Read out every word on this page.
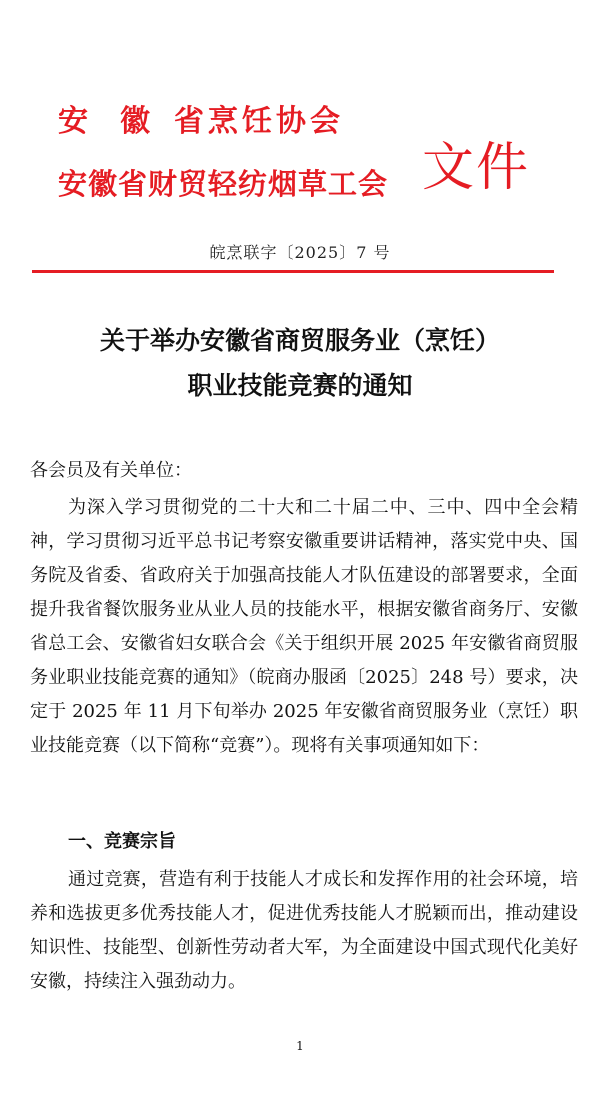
安 徽 省烹饪协会
安徽省财贸轻纺烟草工会 文件
皖烹联字〔2025〕7 号
关于举办安徽省商贸服务业（烹饪）
职业技能竞赛的通知
各会员及有关单位：
为深入学习贯彻党的二十大和二十届二中、三中、四中全会精神，学习贯彻习近平总书记考察安徽重要讲话精神，落实党中央、国务院及省委、省政府关于加强高技能人才队伍建设的部署要求，全面提升我省餐饮服务业从业人员的技能水平，根据安徽省商务厅、安徽省总工会、安徽省妇女联合会《关于组织开展 2025 年安徽省商贸服务业职业技能竞赛的通知》（皖商办服函〔2025〕248 号）要求，决定于 2025 年 11 月下旬举办 2025 年安徽省商贸服务业（烹饪）职业技能竞赛（以下简称“竞赛”）。现将有关事项通知如下：
一、竞赛宗旨
通过竞赛，营造有利于技能人才成长和发挥作用的社会环境，培养和选拔更多优秀技能人才，促进优秀技能人才脱颖而出，推动建设知识性、技能型、创新性劳动者大军，为全面建设中国式现代化美好安徽，持续注入强劲动力。
1
